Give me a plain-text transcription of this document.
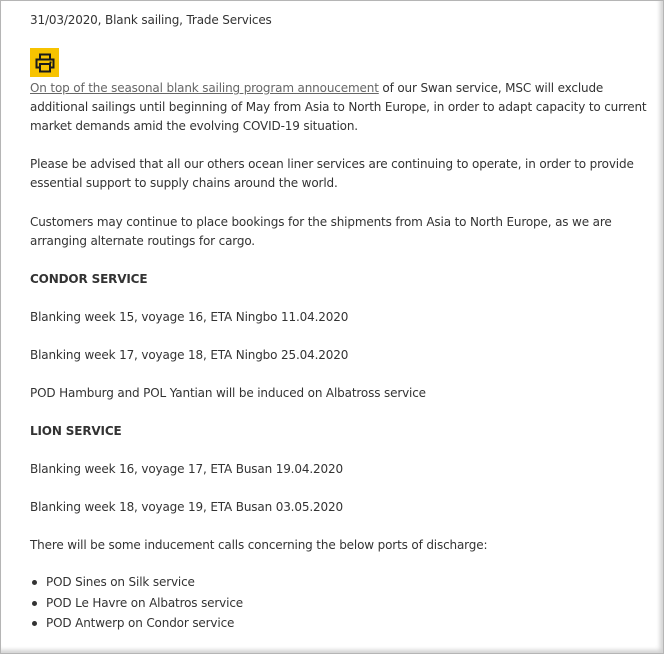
31/03/2020, Blank sailing, Trade Services

On top of the seasonal blank sailing program annoucement of our Swan service, MSC will exclude additional sailings until beginning of May from Asia to North Europe, in order to adapt capacity to current market demands amid the evolving COVID-19 situation.

Please be advised that all our others ocean liner services are continuing to operate, in order to provide essential support to supply chains around the world.

Customers may continue to place bookings for the shipments from Asia to North Europe, as we are arranging alternate routings for cargo.

CONDOR SERVICE
Blanking week 15, voyage 16, ETA Ningbo 11.04.2020
Blanking week 17, voyage 18, ETA Ningbo 25.04.2020
POD Hamburg and POL Yantian will be induced on Albatross service
LION SERVICE
Blanking week 16, voyage 17, ETA Busan 19.04.2020
Blanking week 18, voyage 19, ETA Busan 03.05.2020
There will be some inducement calls concerning the below ports of discharge:
POD Sines on Silk service
POD Le Havre on Albatros service
POD Antwerp on Condor service
